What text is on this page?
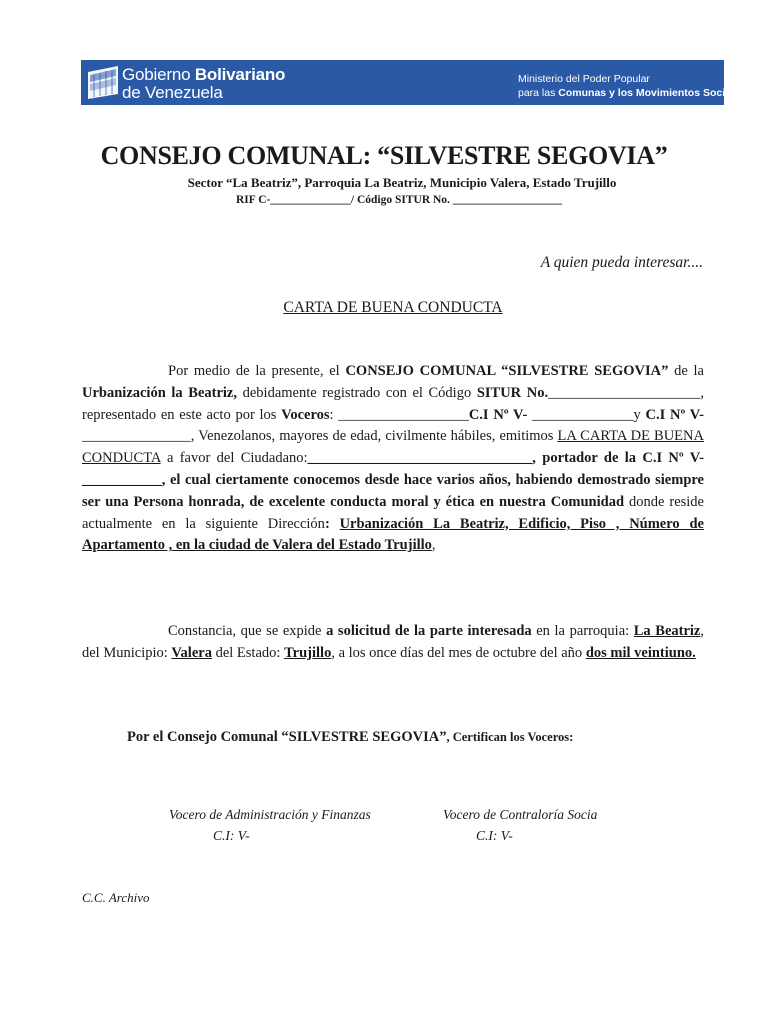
Gobierno Bolivariano
de Venezuela
Ministerio del Poder Popular
para las Comunas y los Movimientos Sociales
CONSEJO COMUNAL: “SILVESTRE SEGOVIA”
Sector “La Beatriz”, Parroquia La Beatriz, Municipio Valera, Estado Trujillo
RIF C-______________/ Código SITUR No. ___________________
A quien pueda interesar....
CARTA DE BUENA CONDUCTA
Por medio de la presente, el CONSEJO COMUNAL “SILVESTRE SEGOVIA” de la Urbanización la Beatriz, debidamente registrado con el Código SITUR No._____________________, representado en este acto por los Voceros: __________________C.I Nº V- ______________y C.I Nº V-_______________, Venezolanos, mayores de edad, civilmente hábiles, emitimos LA CARTA DE BUENA CONDUCTA a favor del Ciudadano:_______________________________, portador de la C.I Nº V-___________, el cual ciertamente conocemos desde hace varios años, habiendo demostrado siempre ser una Persona honrada, de excelente conducta moral y ética en nuestra Comunidad donde reside actualmente en la siguiente Dirección: Urbanización La Beatriz, Edificio, Piso , Número de Apartamento , en la ciudad de Valera del Estado Trujillo,
Constancia, que se expide a solicitud de la parte interesada en la parroquia: La Beatriz, del Municipio: Valera del Estado: Trujillo, a los once días del mes de octubre del año dos mil veintiuno.
Por el Consejo Comunal “SILVESTRE SEGOVIA”, Certifican los Voceros:
Vocero de Administración y Finanzas
C.I: V-
Vocero de Contraloría Socia
C.I: V-
C.C. Archivo
